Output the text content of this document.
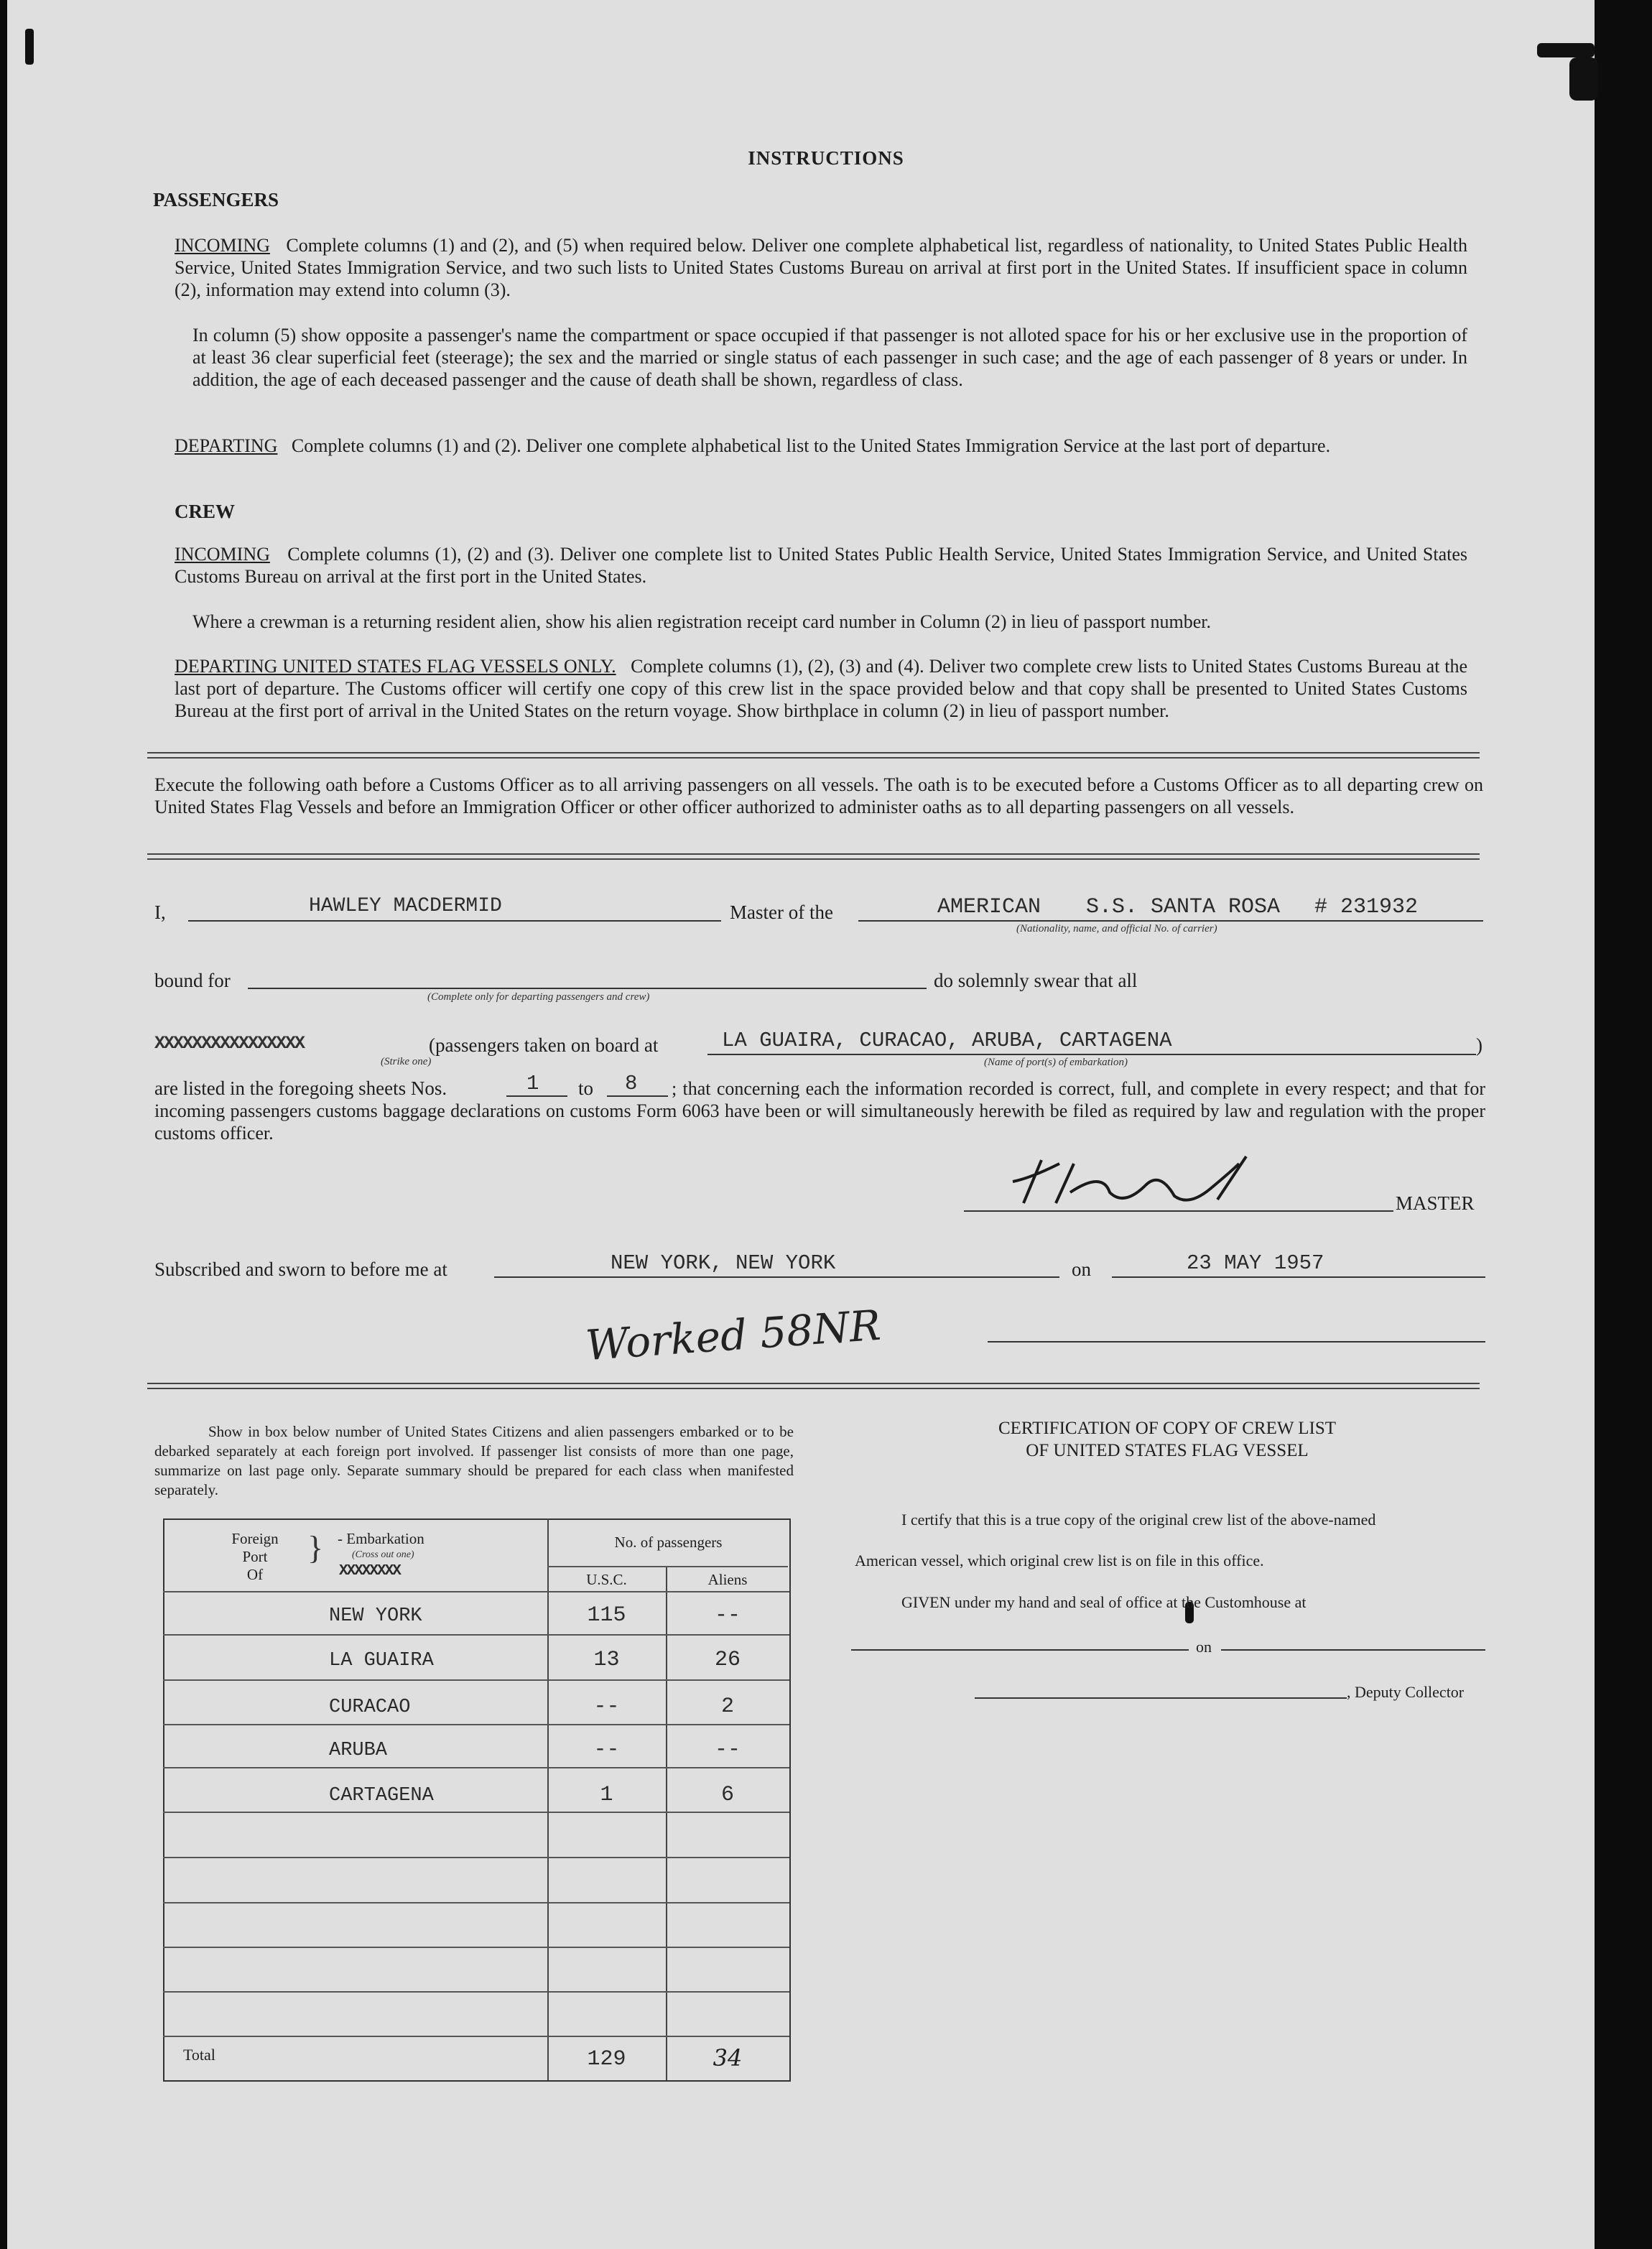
INSTRUCTIONS
PASSENGERS
INCOMING Complete columns (1) and (2), and (5) when required below. Deliver one complete alphabetical list, regardless of nationality, to United States Public Health Service, United States Immigration Service, and two such lists to United States Customs Bureau on arrival at first port in the United States. If insufficient space in column (2), information may extend into column (3).
In column (5) show opposite a passenger's name the compartment or space occupied if that passenger is not alloted space for his or her exclusive use in the proportion of at least 36 clear superficial feet (steerage); the sex and the married or single status of each passenger in such case; and the age of each passenger of 8 years or under. In addition, the age of each deceased passenger and the cause of death shall be shown, regardless of class.
DEPARTING Complete columns (1) and (2). Deliver one complete alphabetical list to the United States Immigration Service at the last port of departure.
CREW
INCOMING Complete columns (1), (2) and (3). Deliver one complete list to United States Public Health Service, United States Immigration Service, and United States Customs Bureau on arrival at the first port in the United States.
Where a crewman is a returning resident alien, show his alien registration receipt card number in Column (2) in lieu of passport number.
DEPARTING UNITED STATES FLAG VESSELS ONLY. Complete columns (1), (2), (3) and (4). Deliver two complete crew lists to United States Customs Bureau at the last port of departure. The Customs officer will certify one copy of this crew list in the space provided below and that copy shall be presented to United States Customs Bureau at the first port of arrival in the United States on the return voyage. Show birthplace in column (2) in lieu of passport number.
Execute the following oath before a Customs Officer as to all arriving passengers on all vessels. The oath is to be executed before a Customs Officer as to all departing crew on United States Flag Vessels and before an Immigration Officer or other officer authorized to administer oaths as to all departing passengers on all vessels.
I,	HAWLEY MACDERMID	Master of the	AMERICAN S.S. SANTA ROSA # 231932
(Nationality, name, and official No. of carrier)
bound for
(Complete only for departing passengers and crew)
do solemnly swear that all
XXXXXXXXXXXXXXXX
(Strike one)
(passengers taken on board at	LA GUAIRA, CURACAO, ARUBA, CARTAGENA	)
(Name of port(s) of embarkation)
are listed in the foregoing sheets Nos.	1 to 8	; that concerning each the information recorded is correct, full, and complete in every respect; and that for incoming passengers customs baggage declarations on customs Form 6063 have been or will simultaneously herewith be filed as required by law and regulation with the proper customs officer.
MASTER
Subscribed and sworn to before me at	NEW YORK, NEW YORK	on	23 MAY 1957
Worked 58NR
Show in box below number of United States Citizens and alien passengers embarked or to be debarked separately at each foreign port involved. If passenger list consists of more than one page, summarize on last page only. Separate summary should be prepared for each class when manifested separately.
Foreign
Port
Of
} - Embarkation
(Cross out one)
XXXXXXXX
No. of passengers
U.S.C.	Aliens
NEW YORK	115	--
LA GUAIRA	13	26
CURACAO	--	2
ARUBA	--	--
CARTAGENA	1	6
Total	129	34
CERTIFICATION OF COPY OF CREW LIST
OF UNITED STATES FLAG VESSEL
I certify that this is a true copy of the original crew list of the above-named
American vessel, which original crew list is on file in this office.
GIVEN under my hand and seal of office at the Customhouse at
on
, Deputy Collector
